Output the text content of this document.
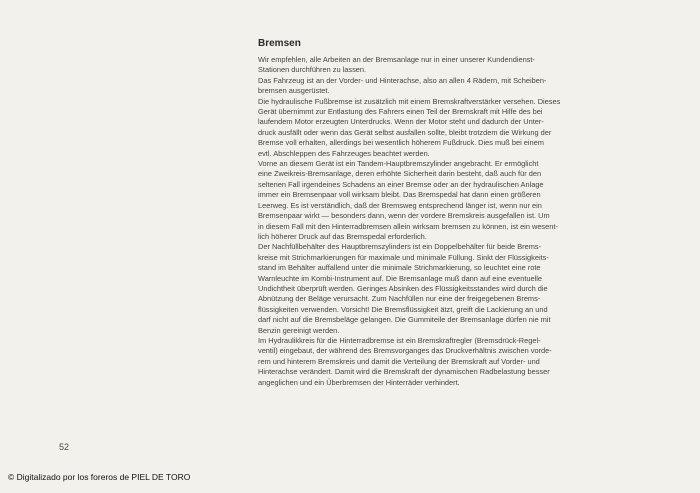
Bremsen

Wir empfehlen, alle Arbeiten an der Bremsanlage nur in einer unserer Kundendienst-
Stationen durchführen zu lassen.

Das Fahrzeug ist an der Vorder- und Hinterachse, also an allen 4 Rädern, mit Scheiben-
bremsen ausgerüstet.

Die hydraulische Fußbremse ist zusätzlich mit einem Bremskraftverstärker versehen. Dieses
Gerät übernimmt zur Entlastung des Fahrers einen Teil der Bremskraft mit Hilfe des bei
laufendem Motor erzeugten Unterdrucks. Wenn der Motor steht und dadurch der Unter-
druck ausfällt oder wenn das Gerät selbst ausfallen sollte, bleibt trotzdem die Wirkung der
Bremse voll erhalten, allerdings bei wesentlich höherem Fußdruck. Dies muß bei einem
evtl. Abschleppen des Fahrzeuges beachtet werden.

Vorne an diesem Gerät ist ein Tandem-Hauptbremszylinder angebracht. Er ermöglicht
eine Zweikreis-Bremsanlage, deren erhöhte Sicherheit darin besteht, daß auch für den
seltenen Fall irgendeines Schadens an einer Bremse oder an der hydraulischen Anlage
immer ein Bremsenpaar voll wirksam bleibt. Das Bremspedal hat dann einen größeren
Leerweg. Es ist verständlich, daß der Bremsweg entsprechend länger ist, wenn nur ein
Bremsenpaar wirkt — besonders dann, wenn der vordere Bremskreis ausgefallen ist. Um
in diesem Fall mit den Hinterradbremsen allein wirksam bremsen zu können, ist ein wesent-
lich höherer Druck auf das Bremspedal erforderlich.

Der Nachfüllbehälter des Hauptbremszylinders ist ein Doppelbehälter für beide Brems-
kreise mit Strichmarkierungen für maximale und minimale Füllung. Sinkt der Flüssigkeits-
stand im Behälter auffallend unter die minimale Strichmarkierung, so leuchtet eine rote
Warnleuchte im Kombi-Instrument auf. Die Bremsanlage muß dann auf eine eventuelle
Undichtheit überprüft werden. Geringes Absinken des Flüssigkeitsstandes wird durch die
Abnützung der Beläge verursacht. Zum Nachfüllen nur eine der freigegebenen Brems-
flüssigkeiten verwenden. Vorsicht! Die Bremsflüssigkeit ätzt, greift die Lackierung an und
darf nicht auf die Bremsbeläge gelangen. Die Gummiteile der Bremsanlage dürfen nie mit
Benzin gereinigt werden.

Im Hydraulikkreis für die Hinterradbremse ist ein Bremskraftregler (Bremsdrück-Regel-
ventil) eingebaut, der während des Bremsvorganges das Druckverhältnis zwischen vorde-
rem und hinterem Bremskreis und damit die Verteilung der Bremskraft auf Vorder- und
Hinterachse verändert. Damit wird die Bremskraft der dynamischen Radbelastung besser
angeglichen und ein Überbremsen der Hinterräder verhindert.

52
© Digitalizado por los foreros de PIEL DE TORO
